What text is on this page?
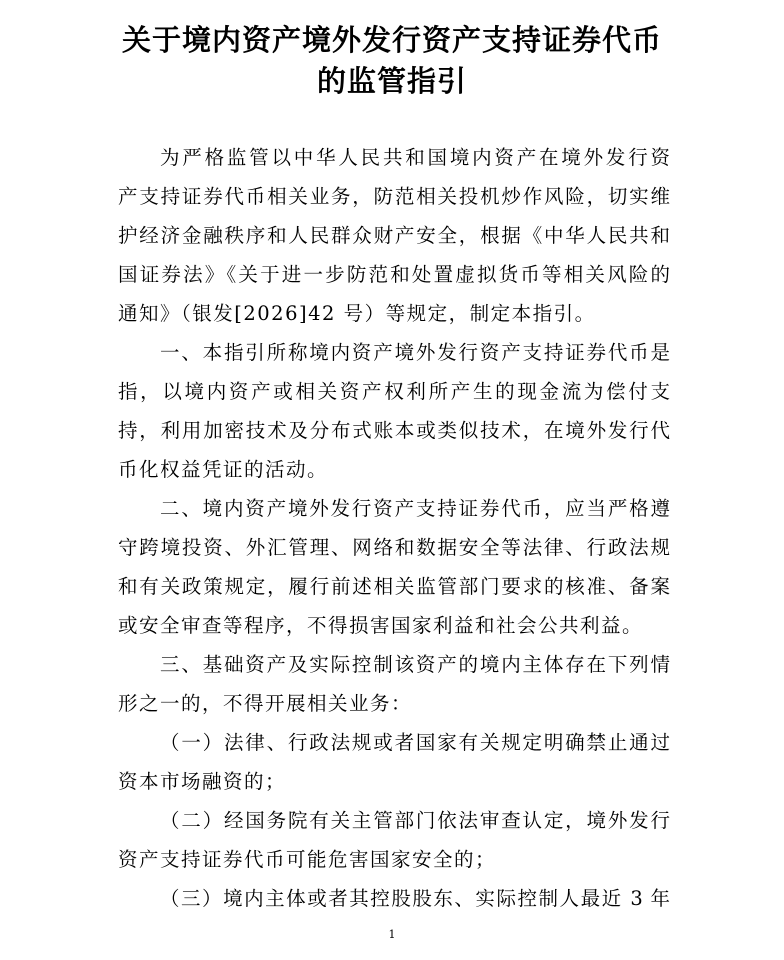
关于境内资产境外发行资产支持证券代币
的监管指引
为严格监管以中华人民共和国境内资产在境外发行资
产支持证券代币相关业务，防范相关投机炒作风险，切实维
护经济金融秩序和人民群众财产安全，根据《中华人民共和
国证券法》《关于进一步防范和处置虚拟货币等相关风险的
通知》（银发[2026]42 号）等规定，制定本指引。
一、本指引所称境内资产境外发行资产支持证券代币是
指，以境内资产或相关资产权利所产生的现金流为偿付支
持，利用加密技术及分布式账本或类似技术，在境外发行代
币化权益凭证的活动。
二、境内资产境外发行资产支持证券代币，应当严格遵
守跨境投资、外汇管理、网络和数据安全等法律、行政法规
和有关政策规定，履行前述相关监管部门要求的核准、备案
或安全审查等程序，不得损害国家利益和社会公共利益。
三、基础资产及实际控制该资产的境内主体存在下列情
形之一的，不得开展相关业务：
（一）法律、行政法规或者国家有关规定明确禁止通过
资本市场融资的；
（二）经国务院有关主管部门依法审查认定，境外发行
资产支持证券代币可能危害国家安全的；
（三）境内主体或者其控股股东、实际控制人最近 3 年
1
